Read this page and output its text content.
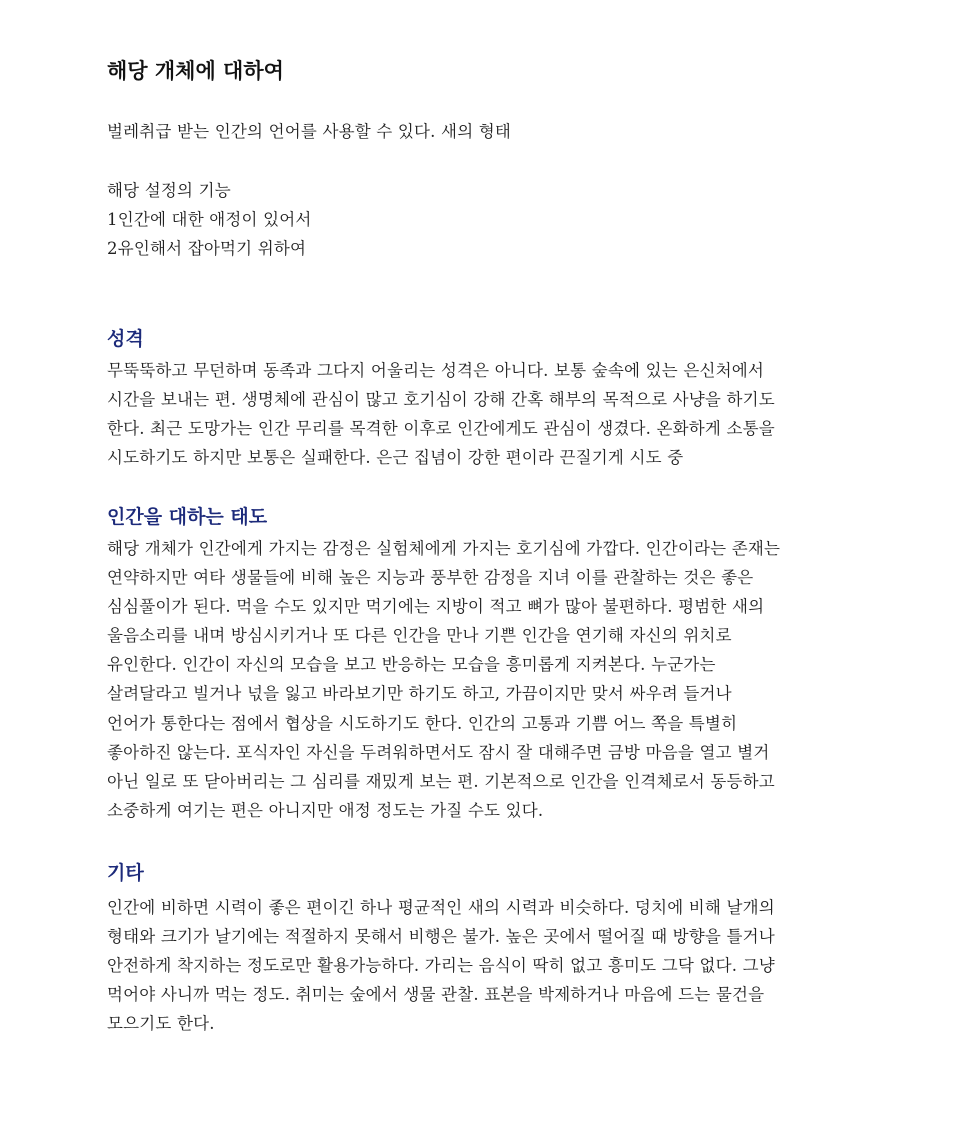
해당 개체에 대하여
벌레취급 받는 인간의 언어를 사용할 수 있다. 새의 형태
해당 설정의 기능
1인간에 대한 애정이 있어서
2유인해서 잡아먹기 위하여
성격
무뚝뚝하고 무던하며 동족과 그다지 어울리는 성격은 아니다. 보통 숲속에 있는 은신처에서
시간을 보내는 편. 생명체에 관심이 많고 호기심이 강해 간혹 해부의 목적으로 사냥을 하기도
한다. 최근 도망가는 인간 무리를 목격한 이후로 인간에게도 관심이 생겼다. 온화하게 소통을
시도하기도 하지만 보통은 실패한다. 은근 집념이 강한 편이라 끈질기게 시도 중
인간을 대하는 태도
해당 개체가 인간에게 가지는 감정은 실험체에게 가지는 호기심에 가깝다. 인간이라는 존재는
연약하지만 여타 생물들에 비해 높은 지능과 풍부한 감정을 지녀 이를 관찰하는 것은 좋은
심심풀이가 된다. 먹을 수도 있지만 먹기에는 지방이 적고 뼈가 많아 불편하다. 평범한 새의
울음소리를 내며 방심시키거나 또 다른 인간을 만나 기쁜 인간을 연기해 자신의 위치로
유인한다. 인간이 자신의 모습을 보고 반응하는 모습을 흥미롭게 지켜본다. 누군가는
살려달라고 빌거나 넋을 잃고 바라보기만 하기도 하고, 가끔이지만 맞서 싸우려 들거나
언어가 통한다는 점에서 협상을 시도하기도 한다. 인간의 고통과 기쁨 어느 쪽을 특별히
좋아하진 않는다. 포식자인 자신을 두려워하면서도 잠시 잘 대해주면 금방 마음을 열고 별거
아닌 일로 또 닫아버리는 그 심리를 재밌게 보는 편. 기본적으로 인간을 인격체로서 동등하고
소중하게 여기는 편은 아니지만 애정 정도는 가질 수도 있다.
기타
인간에 비하면 시력이 좋은 편이긴 하나 평균적인 새의 시력과 비슷하다. 덩치에 비해 날개의
형태와 크기가 날기에는 적절하지 못해서 비행은 불가. 높은 곳에서 떨어질 때 방향을 틀거나
안전하게 착지하는 정도로만 활용가능하다. 가리는 음식이 딱히 없고 흥미도 그닥 없다. 그냥
먹어야 사니까 먹는 정도. 취미는 숲에서 생물 관찰. 표본을 박제하거나 마음에 드는 물건을
모으기도 한다.
